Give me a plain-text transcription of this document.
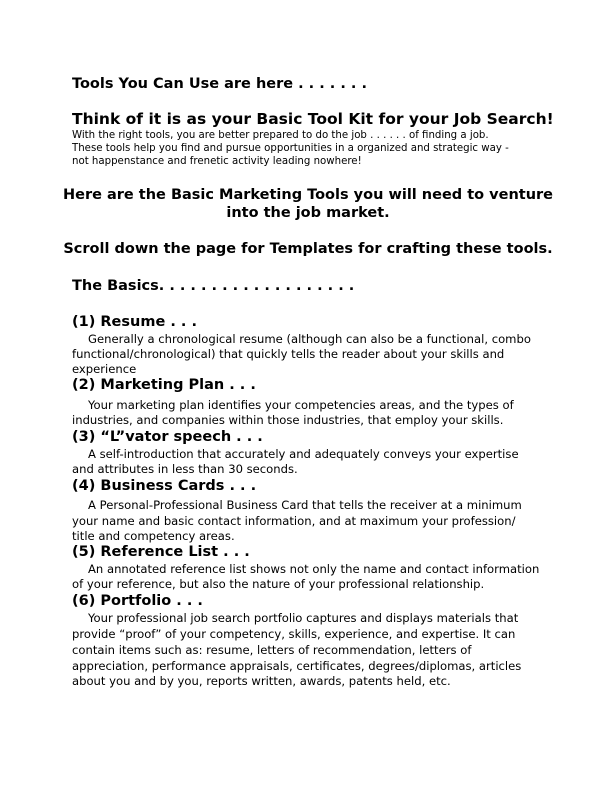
Tools You Can Use are here . . . . . . .
Think of it is as your Basic Tool Kit for your Job Search!
With the right tools, you are better prepared to do the job . . . . . . of finding a job.
These tools help you find and pursue opportunities in a organized and strategic way -
not happenstance and frenetic activity leading nowhere!
Here are the Basic Marketing Tools you will need to venture
into the job market.
Scroll down the page for Templates for crafting these tools.
The Basics. . . . . . . . . . . . . . . . . . .
(1) Resume . . .
Generally a chronological resume (although can also be a functional, combo
functional/chronological) that quickly tells the reader about your skills and
experience
(2) Marketing Plan . . .
Your marketing plan identifies your competencies areas, and the types of
industries, and companies within those industries, that employ your skills.
(3) “L”vator speech . . .
A self-introduction that accurately and adequately conveys your expertise
and attributes in less than 30 seconds.
(4) Business Cards . . .
A Personal-Professional Business Card that tells the receiver at a minimum
your name and basic contact information, and at maximum your profession/
title and competency areas.
(5) Reference List . . .
An annotated reference list shows not only the name and contact information
of your reference, but also the nature of your professional relationship.
(6) Portfolio . . .
Your professional job search portfolio captures and displays materials that
provide “proof” of your competency, skills, experience, and expertise. It can
contain items such as: resume, letters of recommendation, letters of
appreciation, performance appraisals, certificates, degrees/diplomas, articles
about you and by you, reports written, awards, patents held, etc.
